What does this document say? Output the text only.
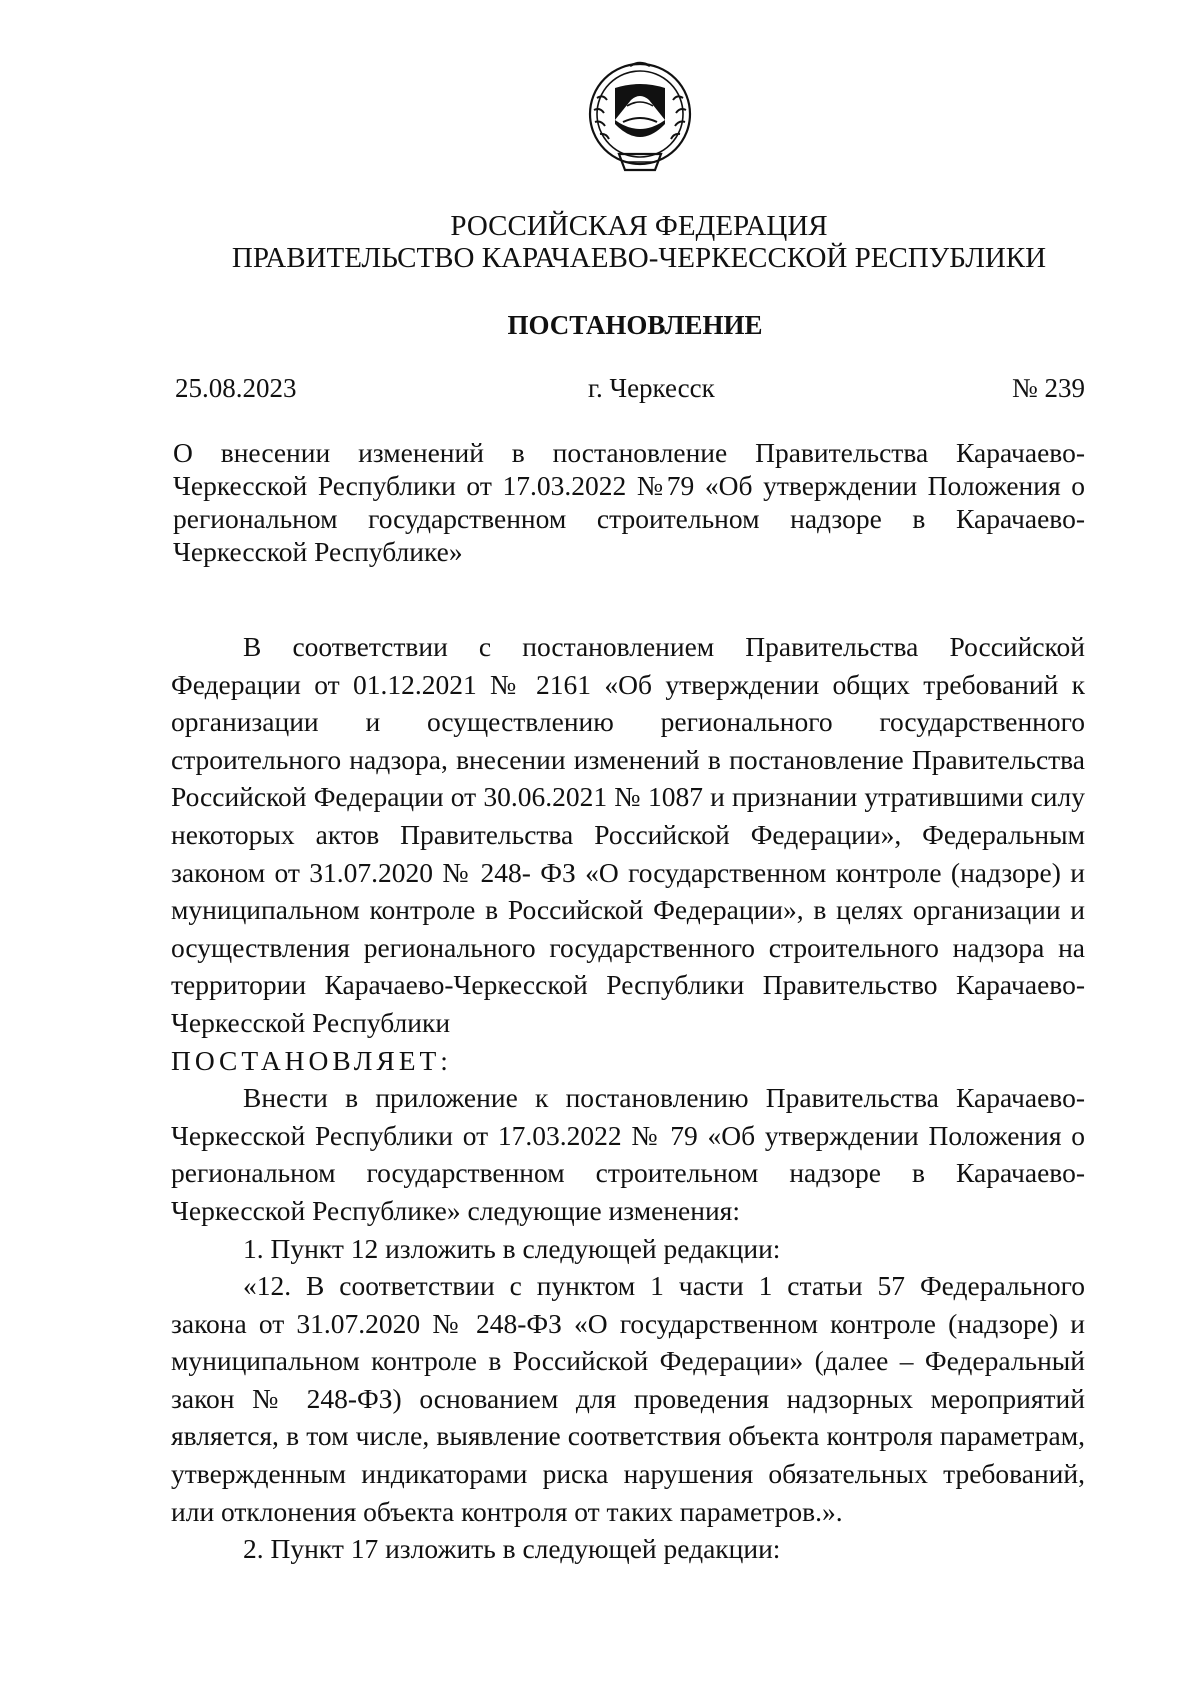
РОССИЙСКАЯ ФЕДЕРАЦИЯ
ПРАВИТЕЛЬСТВО КАРАЧАЕВО-ЧЕРКЕССКОЙ РЕСПУБЛИКИ
ПОСТАНОВЛЕНИЕ
25.08.2023	г. Черкесск	№ 239
О внесении изменений в постановление Правительства Карачаево-Черкесской Республики от 17.03.2022 №79 «Об утверждении Положения о региональном государственном строительном надзоре в Карачаево-Черкесской Республике»

В соответствии с постановлением Правительства Российской Федерации от 01.12.2021 № 2161 «Об утверждении общих требований к организации и осуществлению регионального государственного строительного надзора, внесении изменений в постановление Правительства Российской Федерации от 30.06.2021 № 1087 и признании утратившими силу некоторых актов Правительства Российской Федерации», Федеральным законом от 31.07.2020 № 248- ФЗ «О государственном контроле (надзоре) и муниципальном контроле в Российской Федерации», в целях организации и осуществления регионального государственного строительного надзора на территории Карачаево-Черкесской Республики Правительство Карачаево-Черкесской Республики

ПОСТАНОВЛЯЕТ:

Внести в приложение к постановлению Правительства Карачаево-Черкесской Республики от 17.03.2022 № 79 «Об утверждении Положения о региональном государственном строительном надзоре в Карачаево-Черкесской Республике» следующие изменения:

1. Пункт 12 изложить в следующей редакции:

«12. В соответствии с пунктом 1 части 1 статьи 57 Федерального закона от 31.07.2020 № 248-ФЗ «О государственном контроле (надзоре) и муниципальном контроле в Российской Федерации» (далее – Федеральный закон № 248-ФЗ) основанием для проведения надзорных мероприятий является, в том числе, выявление соответствия объекта контроля параметрам, утвержденным индикаторами риска нарушения обязательных требований, или отклонения объекта контроля от таких параметров.».

2. Пункт 17 изложить в следующей редакции:
